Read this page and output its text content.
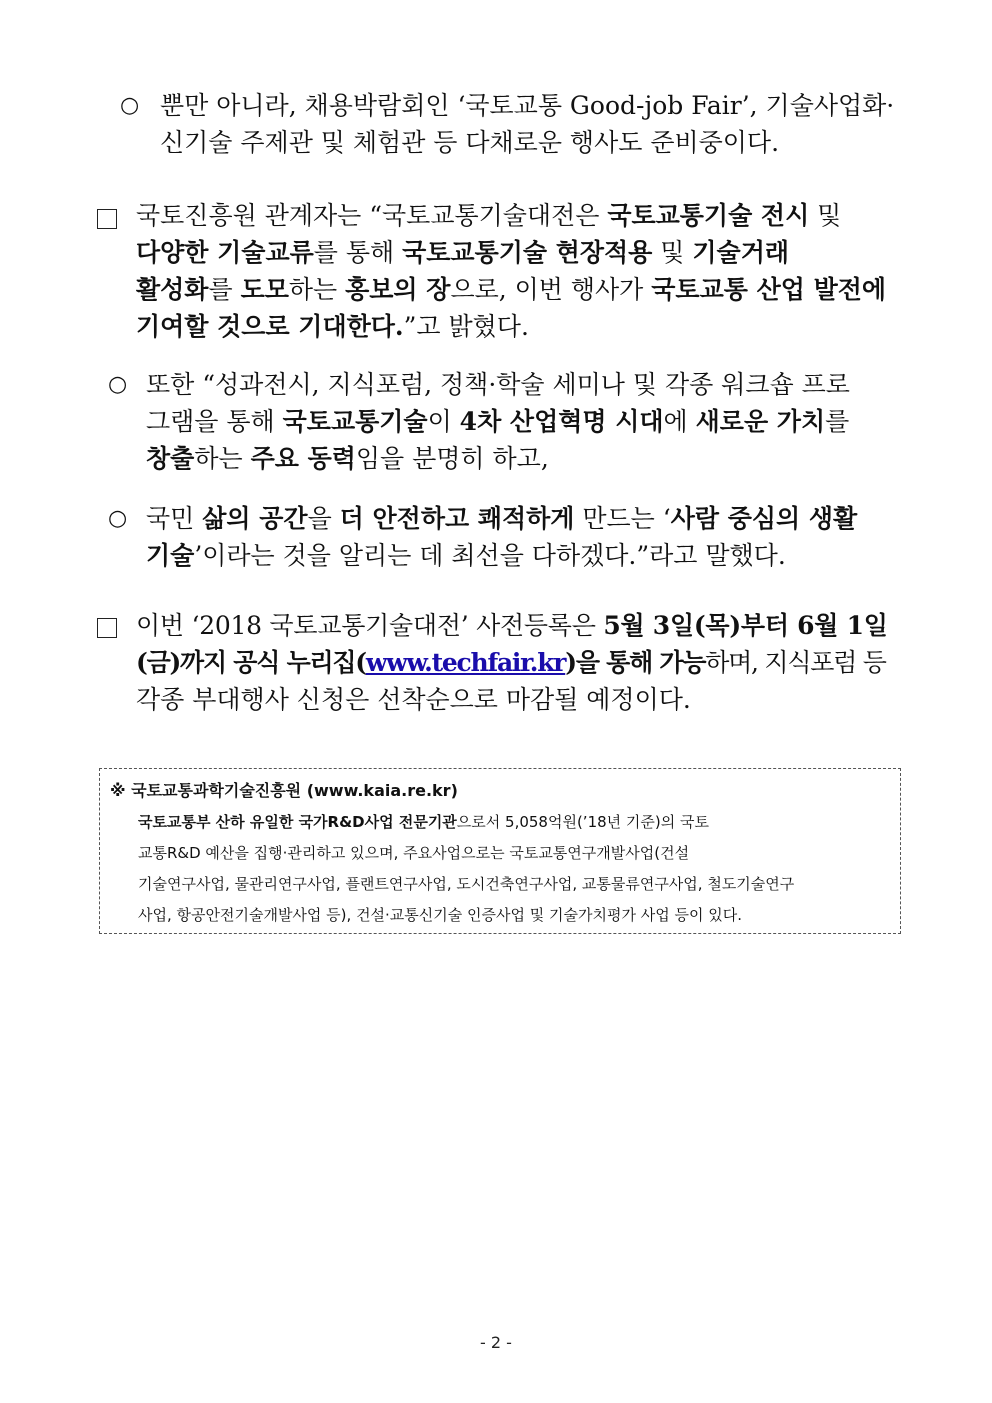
○ 뿐만 아니라, 채용박람회인 ‘국토교통 Good-job Fair’, 기술사업화·
신기술 주제관 및 체험관 등 다채로운 행사도 준비중이다.
국토진흥원 관계자는 “국토교통기술대전은 국토교통기술 전시 및
다양한 기술교류를 통해 국토교통기술 현장적용 및 기술거래
활성화를 도모하는 홍보의 장으로, 이번 행사가 국토교통 산업 발전에
기여할 것으로 기대한다.”고 밝혔다.
○ 또한 “성과전시, 지식포럼, 정책·학술 세미나 및 각종 워크숍 프로
그램을 통해 국토교통기술이 4차 산업혁명 시대에 새로운 가치를
창출하는 주요 동력임을 분명히 하고,
○ 국민 삶의 공간을 더 안전하고 쾌적하게 만드는 ‘사람 중심의 생활
기술’이라는 것을 알리는 데 최선을 다하겠다.”라고 말했다.
이번 ‘2018 국토교통기술대전’ 사전등록은 5월 3일(목)부터 6월 1일
(금)까지 공식 누리집(www.techfair.kr)을 통해 가능하며, 지식포럼 등
각종 부대행사 신청은 선착순으로 마감될 예정이다.
※ 국토교통과학기술진흥원 (www.kaia.re.kr)
국토교통부 산하 유일한 국가R&D사업 전문기관으로서 5,058억원(’18년 기준)의 국토
교통R&D 예산을 집행·관리하고 있으며, 주요사업으로는 국토교통연구개발사업(건설
기술연구사업, 물관리연구사업, 플랜트연구사업, 도시건축연구사업, 교통물류연구사업, 철도기술연구
사업, 항공안전기술개발사업 등), 건설·교통신기술 인증사업 및 기술가치평가 사업 등이 있다.
- 2 -
